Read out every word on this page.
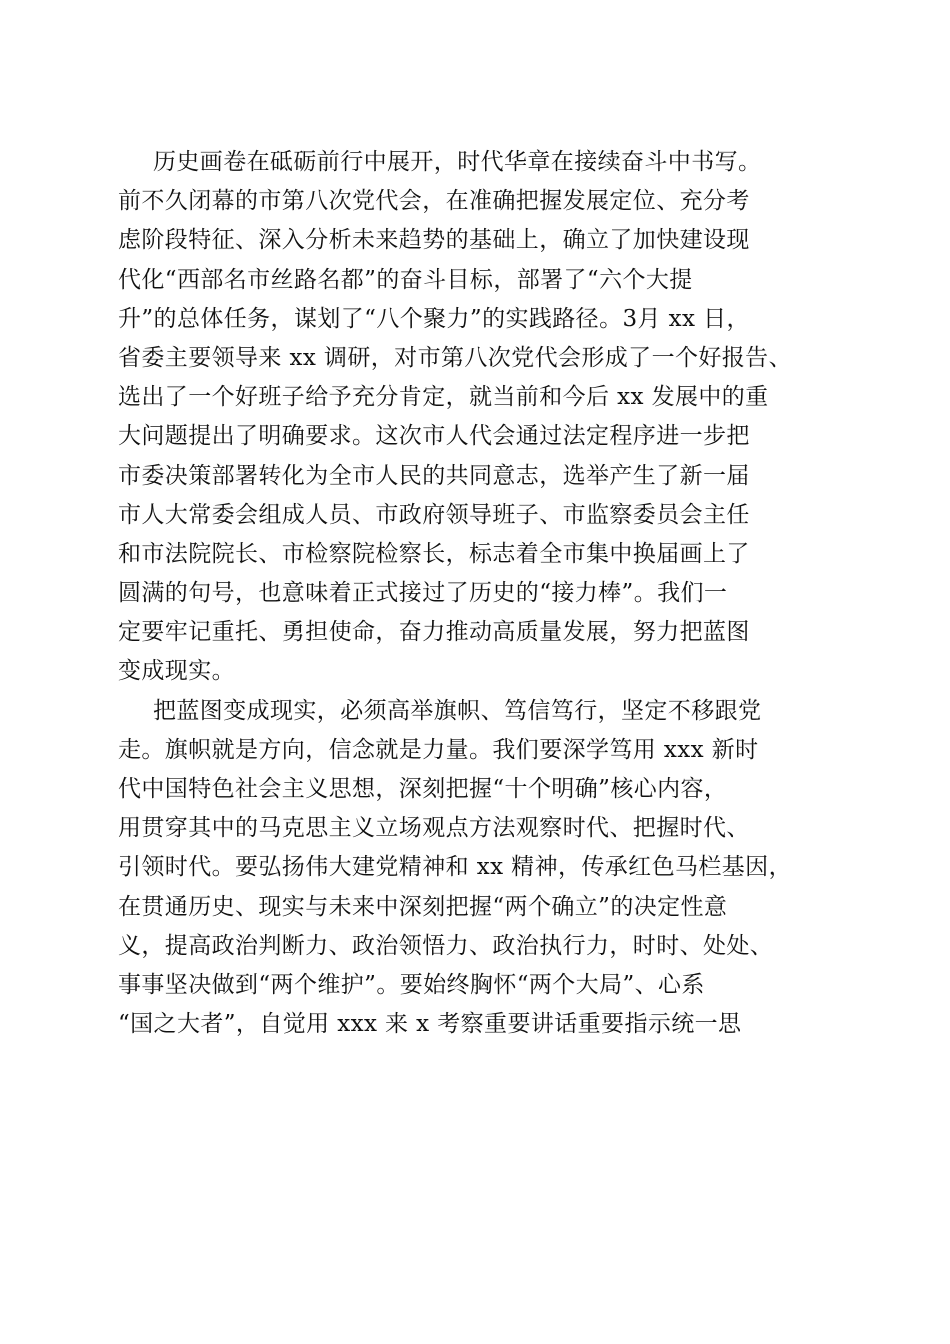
历史画卷在砥砺前行中展开，时代华章在接续奋斗中书写。
前不久闭幕的市第八次党代会，在准确把握发展定位、充分考
虑阶段特征、深入分析未来趋势的基础上，确立了加快建设现
代化“西部名市丝路名都”的奋斗目标，部署了“六个大提
升”的总体任务，谋划了“八个聚力”的实践路径。3月 xx 日，
省委主要领导来 xx 调研，对市第八次党代会形成了一个好报告、
选出了一个好班子给予充分肯定，就当前和今后 xx 发展中的重
大问题提出了明确要求。这次市人代会通过法定程序进一步把
市委决策部署转化为全市人民的共同意志，选举产生了新一届
市人大常委会组成人员、市政府领导班子、市监察委员会主任
和市法院院长、市检察院检察长，标志着全市集中换届画上了
圆满的句号，也意味着正式接过了历史的“接力棒”。我们一
定要牢记重托、勇担使命，奋力推动高质量发展，努力把蓝图
变成现实。
把蓝图变成现实，必须高举旗帜、笃信笃行，坚定不移跟党
走。旗帜就是方向，信念就是力量。我们要深学笃用 xxx 新时
代中国特色社会主义思想，深刻把握“十个明确”核心内容，
用贯穿其中的马克思主义立场观点方法观察时代、把握时代、
引领时代。要弘扬伟大建党精神和 xx 精神，传承红色马栏基因，
在贯通历史、现实与未来中深刻把握“两个确立”的决定性意
义，提高政治判断力、政治领悟力、政治执行力，时时、处处、
事事坚决做到“两个维护”。要始终胸怀“两个大局”、心系
“国之大者”，自觉用 xxx 来 x 考察重要讲话重要指示统一思
